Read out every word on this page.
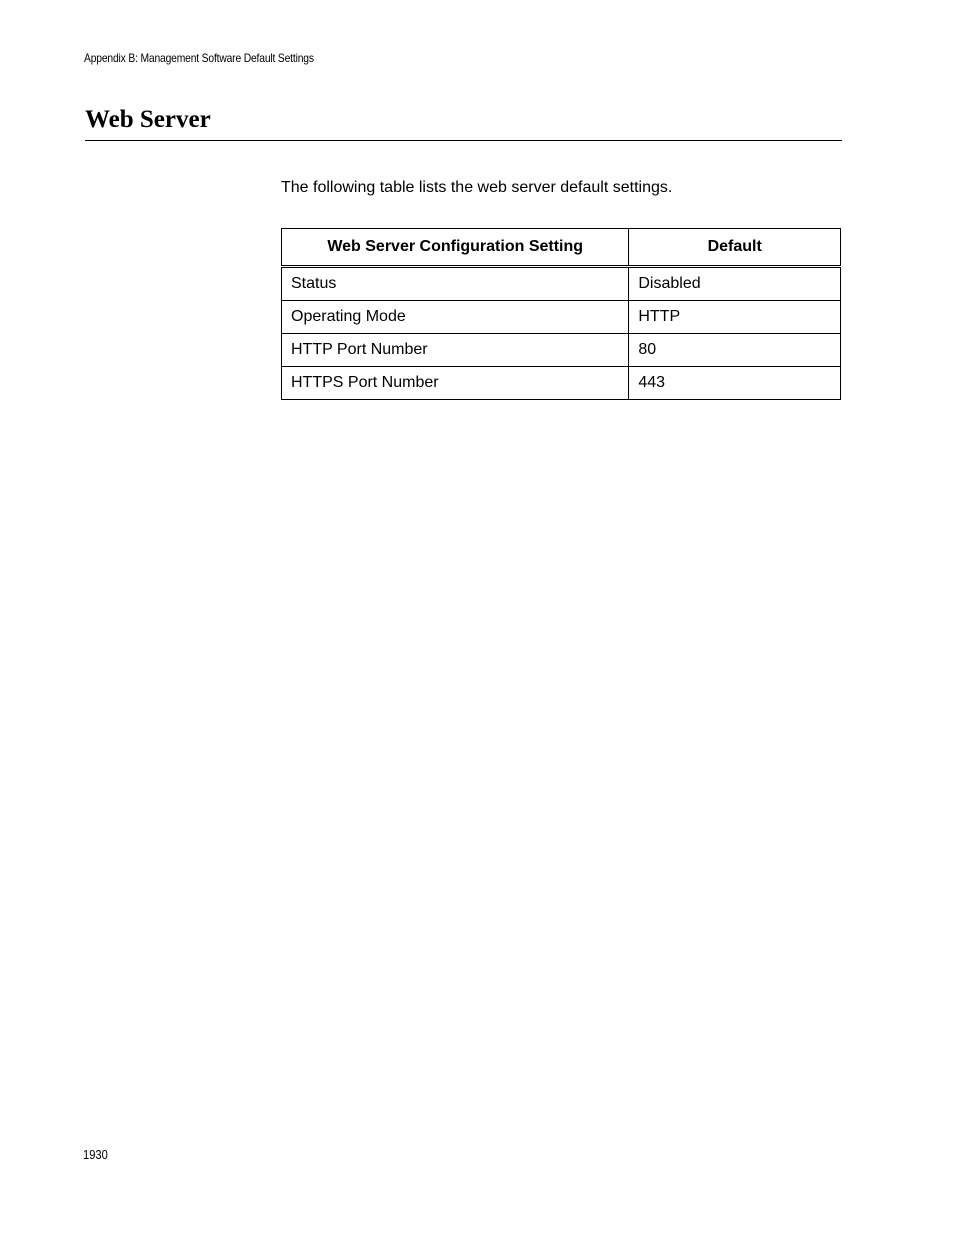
Appendix B: Management Software Default Settings
Web Server

The following table lists the web server default settings.

Web Server Configuration Setting	Default
Status	Disabled
Operating Mode	HTTP
HTTP Port Number	80
HTTPS Port Number	443
1930
